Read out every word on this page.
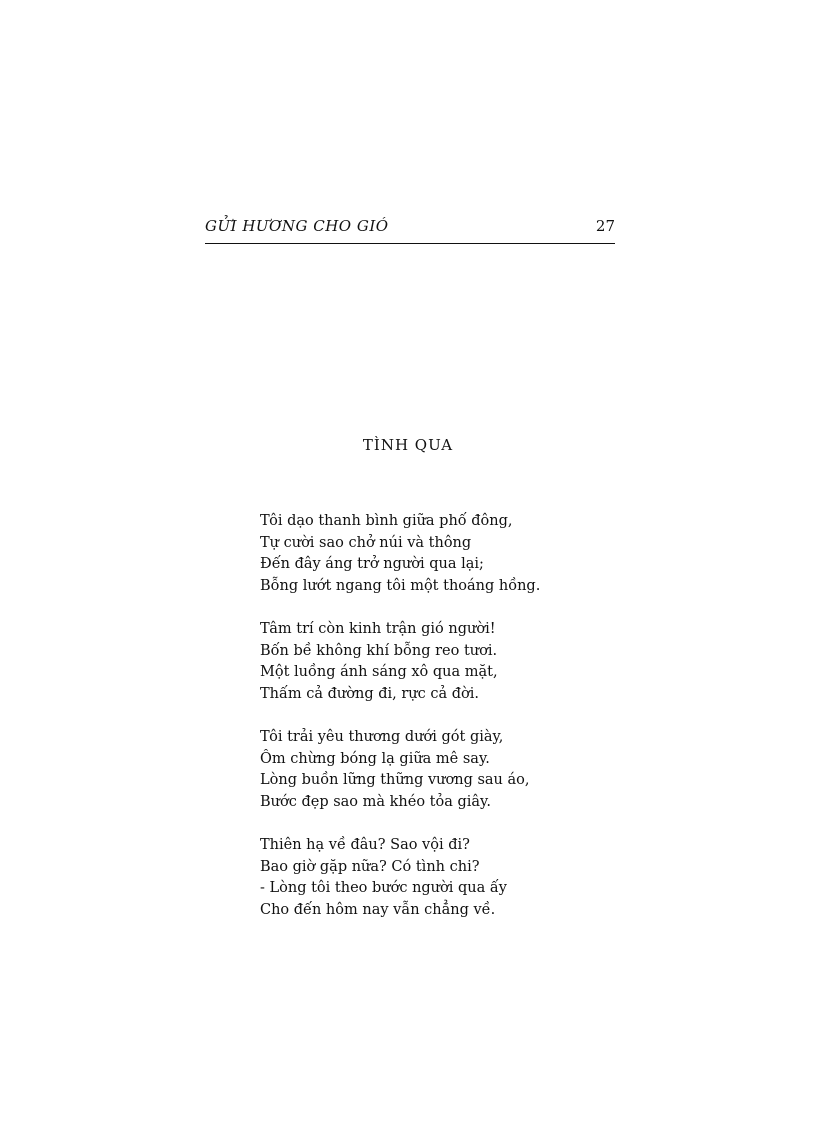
GỬI HƯƠNG CHO GIÓ	27
TÌNH QUA
Tôi dạo thanh bình giữa phố đông,
Tự cười sao chở núi và thông
Đến đây áng trở người qua lại;
Bỗng lướt ngang tôi một thoáng hồng.
Tâm trí còn kinh trận gió người!
Bốn bề không khí bỗng reo tươi.
Một luồng ánh sáng xô qua mặt,
Thấm cả đường đi, rực cả đời.
Tôi trải yêu thương dưới gót giày,
Ôm chừng bóng lạ giữa mê say.
Lòng buồn lững thững vương sau áo,
Bước đẹp sao mà khéo tỏa giây.
Thiên hạ về đâu? Sao vội đi?
Bao giờ gặp nữa? Có tình chi?
- Lòng tôi theo bước người qua ấy
Cho đến hôm nay vẫn chẳng về.
